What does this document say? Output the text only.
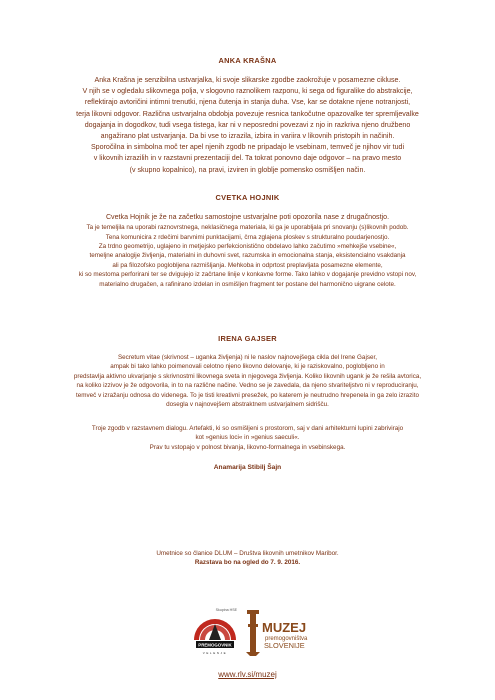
ANKA KRAŠNA

Anka Krašna je senzibilna ustvarjalka, ki svoje slikarske zgodbe zaokrožuje v posamezne cikluse.
V njih se v ogledalu slikovnega polja, v slogovno raznolikem razponu, ki sega od figuralike do abstrakcije,
reflektirajo avtoričini intimni trenutki, njena čutenja in stanja duha. Vse, kar se dotakne njene notranjosti,
terja likovni odgovor. Različna ustvarjalna obdobja povezuje resnica tankočutne opazovalke ter spremljevalke
dogajanja in dogodkov, tudi vsega tistega, kar ni v neposredni povezavi z njo in razkriva njeno družbeno
angažirano plat ustvarjanja. Da bi vse to izrazila, izbira in variira v likovnih pristopih in načinih.
Sporočilna in simbolna moč ter apel njenih zgodb ne pripadajo le vsebinam, temveč je njihov vir tudi
v likovnih izrazilih in v razstavni prezentaciji del. Ta tokrat ponovno daje odgovor – na pravo mesto
(v skupno kopalnico), na pravi, izviren in globlje pomensko osmišljen način.

CVETKA HOJNIK

Cvetka Hojnik je že na začetku samostojne ustvarjalne poti opozorila nase z drugačnostjo.
Ta je temeljila na uporabi raznovrstnega, neklasičnega materiala, ki ga je uporabljala pri snovanju (s)likovnih podob.
Tena komunicira z rdečimi barvnimi punktacijami, črna zglajena ploskev s strukturalno poudarjenostjo.
Za trdno geometrijo, uglajeno in metjejsko perfekcionistično obdelavo lahko začutimo »mehkejše vsebine«,
temeljne analogije življenja, materialni in duhovni svet, razumska in emocionalna stanja, eksistencialno vsakdanja
ali pa filozofsko poglobljena razmišljanja. Mehkoba in odprtost preplavljata posamezne elemente,
ki so mestoma perforirani ter se dvigujejo iz začrtane linije v konkavne forme. Tako lahko v dogajanje previdno vstopi nov,
materialno drugačen, a rafinirano izdelan in osmišljen fragment ter postane del harmonično uigrane celote.

IRENA GAJSER

Secretum vitae (skrivnost – uganka življenja) ni le naslov najnovejšega cikla del Irene Gajser,
ampak bi tako lahko poimenovali celotno njeno likovno delovanje, ki je raziskovalno, poglobljeno in
predstavlja aktivno ukvarjanje s skrivnostmi likovnega sveta in njegovega življenja. Koliko likovnih ugank je že rešila avtorica,
na koliko izzivov je že odgovorila, in to na različne načine. Vedno se je zavedala, da njeno stvariteljstvo ni v reproduciranju,
temveč v izražanju odnosa do videnega. To je tisti kreativni presežek, po katerem je neutrudno hrepenela in ga zelo izrazito
dosegla v najnovejšem abstraktnem ustvarjalnem sidrišču.
Troje zgodb v razstavnem dialogu. Artefakti, ki so osmišljeni s prostorom, saj v dani arhitekturni lupini zabrivirajo
kot »genius loci« in »genius saeculi«.
Prav tu vstopajo v polnost bivanja, likovno-formalnega in vsebinskega.

Anamarija Stibilj Šajn

Umetnice so članice DLUM – Društva likovnih umetnikov Maribor.
Razstava bo na ogled do 7. 9. 2016.
Skupina HSE
PREMOGOVNIK
VELENJE
MUZEJ
premogovništva
SLOVENIJE
www.rlv.si/muzej
